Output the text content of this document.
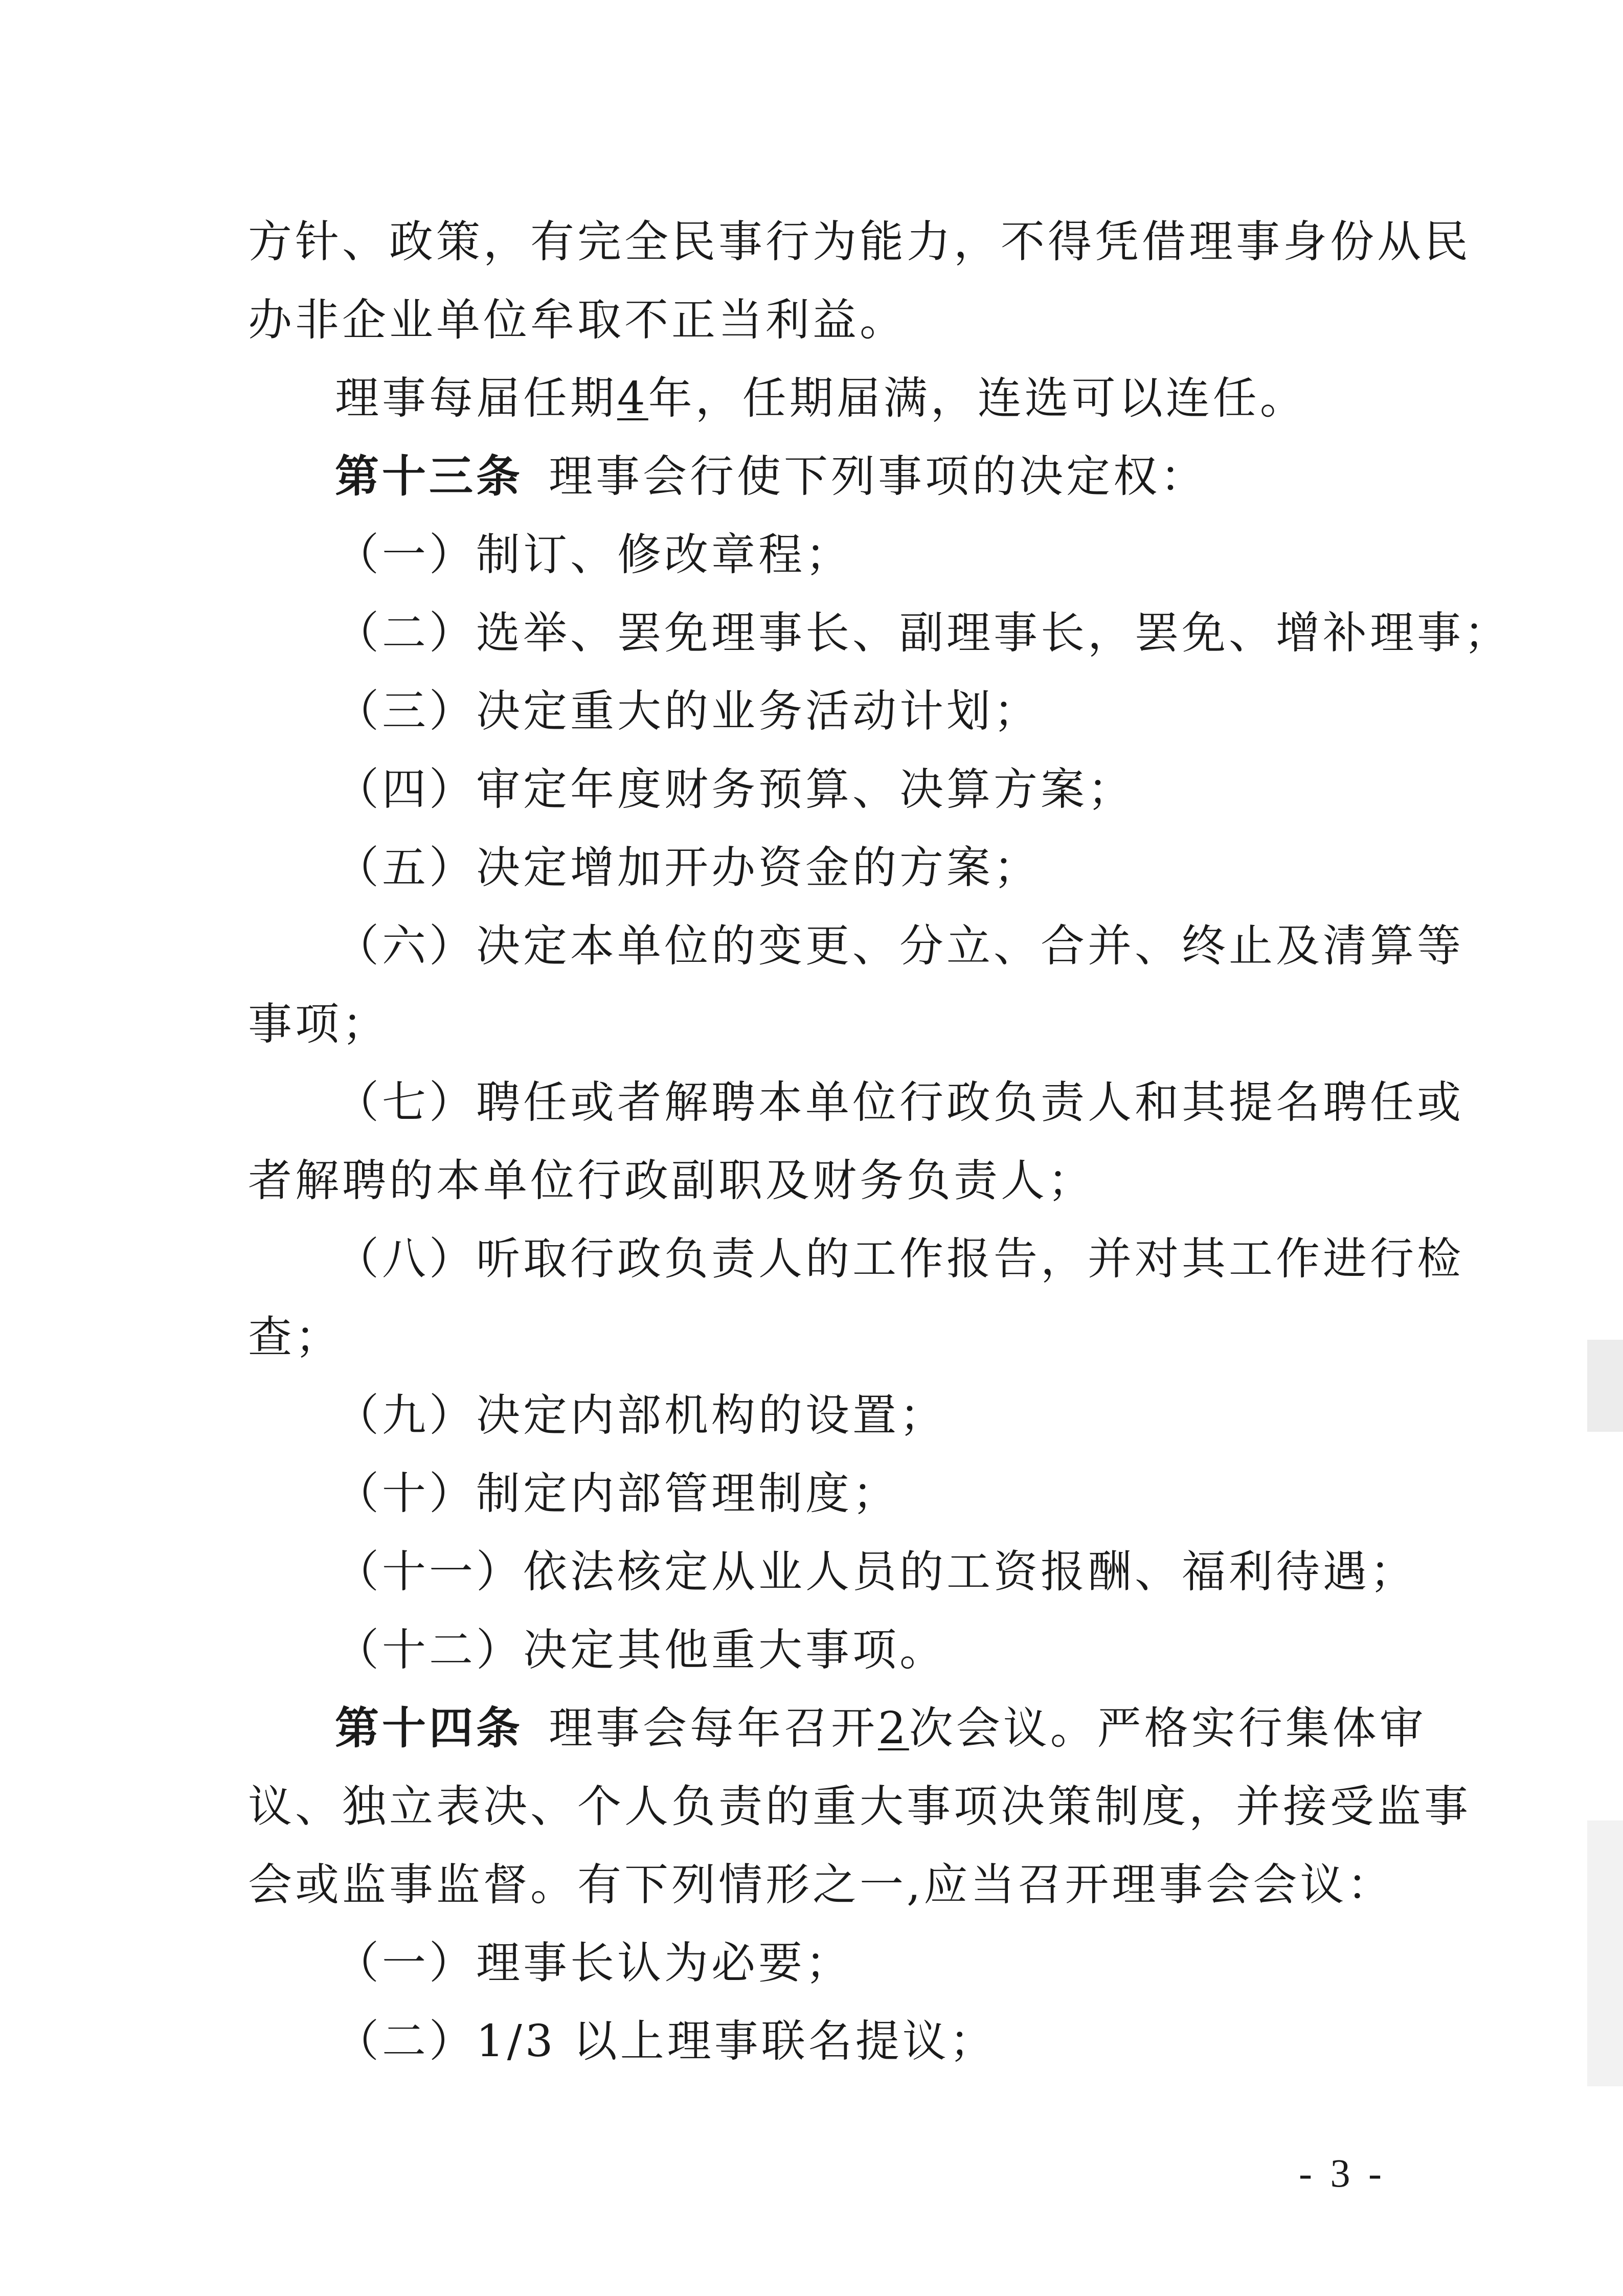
方针、政策，有完全民事行为能力，不得凭借理事身份从民
办非企业单位牟取不正当利益。
理事每届任期4年，任期届满，连选可以连任。
第十三条 理事会行使下列事项的决定权：
（一）制订、修改章程；
（二）选举、罢免理事长、副理事长，罢免、增补理事；
（三）决定重大的业务活动计划；
（四）审定年度财务预算、决算方案；
（五）决定增加开办资金的方案；
（六）决定本单位的变更、分立、合并、终止及清算等
事项；
（七）聘任或者解聘本单位行政负责人和其提名聘任或
者解聘的本单位行政副职及财务负责人；
（八）听取行政负责人的工作报告，并对其工作进行检
查；
（九）决定内部机构的设置；
（十）制定内部管理制度；
（十一）依法核定从业人员的工资报酬、福利待遇；
（十二）决定其他重大事项。
第十四条 理事会每年召开2次会议。严格实行集体审
议、独立表决、个人负责的重大事项决策制度，并接受监事
会或监事监督。有下列情形之一,应当召开理事会会议：
（一）理事长认为必要；
（二）1/3 以上理事联名提议；
- 3 -
